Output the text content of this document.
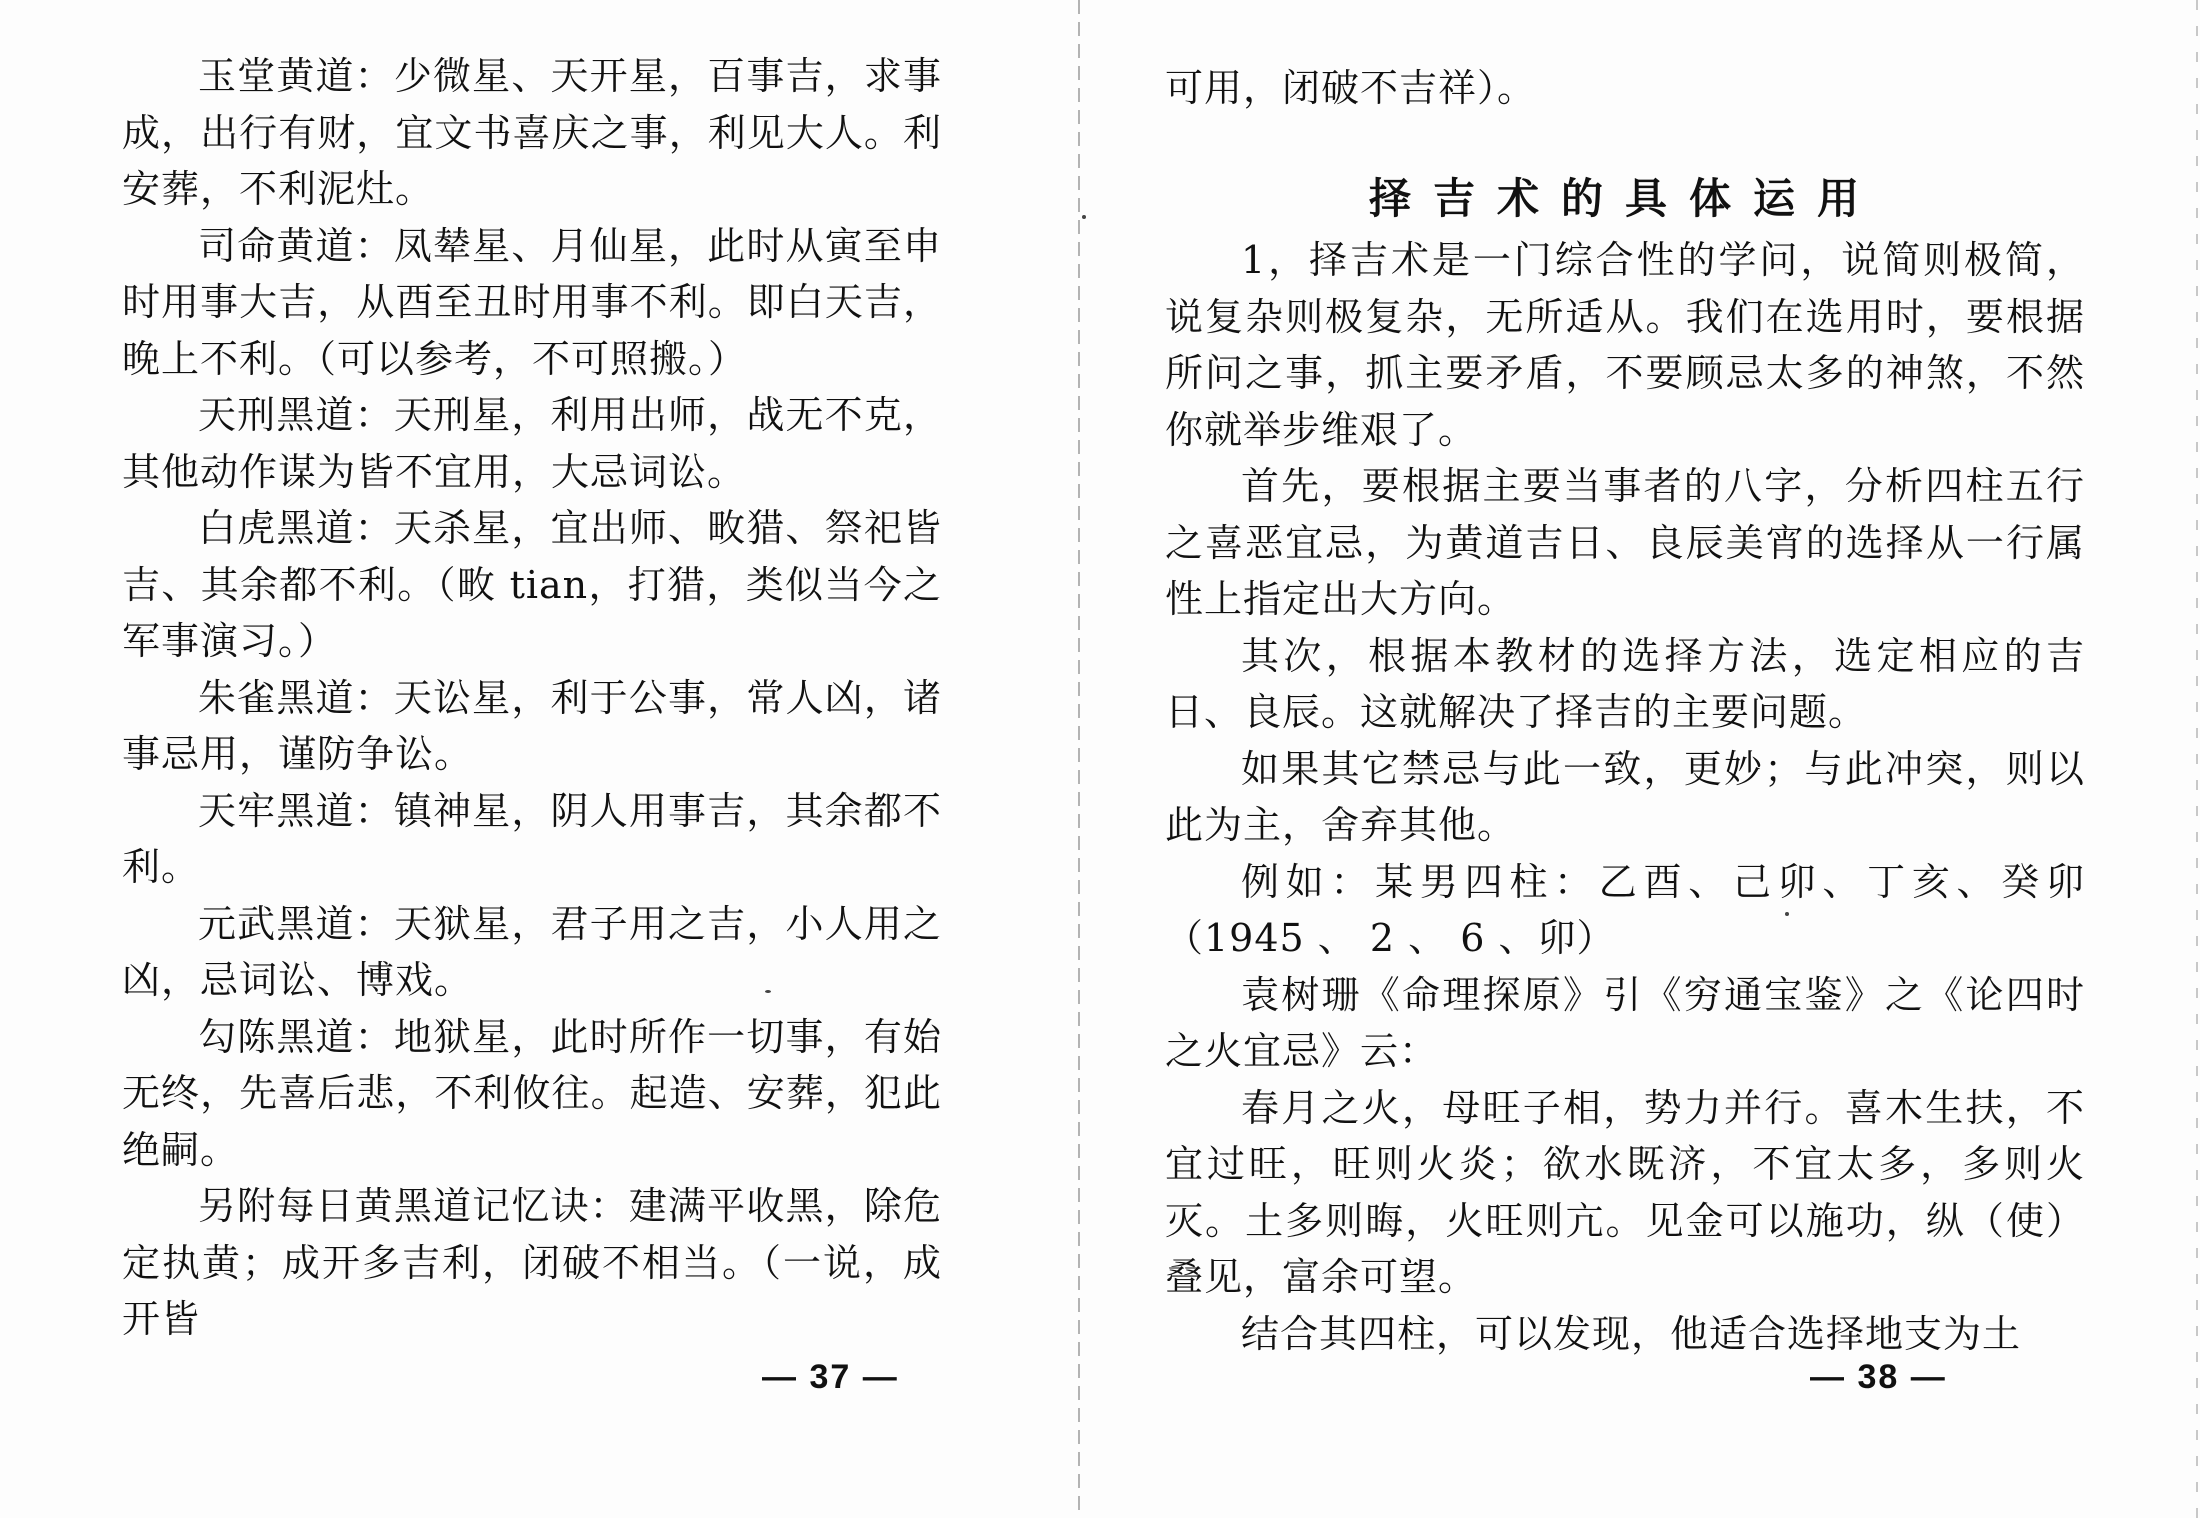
玉堂黄道：少微星、天开星，百事吉，求事成，出行有财，宜文书喜庆之事，利见大人。利安葬，不利泥灶。

司命黄道：凤辇星、月仙星，此时从寅至申时用事大吉，从酉至丑时用事不利。即白天吉，晚上不利。（可以参考，不可照搬。）

天刑黑道：天刑星，利用出师，战无不克，其他动作谋为皆不宜用，大忌词讼。

白虎黑道：天杀星，宜出师、畋猎、祭祀皆吉、其余都不利。（畋 tian，打猎，类似当今之军事演习。）

朱雀黑道：天讼星，利于公事，常人凶，诸事忌用，谨防争讼。

天牢黑道：镇神星，阴人用事吉，其余都不利。

元武黑道：天狱星，君子用之吉，小人用之凶，忌词讼、博戏。

勾陈黑道：地狱星，此时所作一切事，有始无终，先喜后悲，不利攸往。起造、安葬，犯此绝嗣。

另附每日黄黑道记忆诀：建满平收黑，除危定执黄；成开多吉利，闭破不相当。（一说，成开皆

— 37 —
可用，闭破不吉祥）。
择吉术的具体运用

1，择吉术是一门综合性的学问，说简则极简，说复杂则极复杂，无所适从。我们在选用时，要根据所问之事，抓主要矛盾，不要顾忌太多的神煞，不然你就举步维艰了。

首先，要根据主要当事者的八字，分析四柱五行之喜恶宜忌，为黄道吉日、良辰美宵的选择从一行属性上指定出大方向。

其次，根据本教材的选择方法，选定相应的吉日、良辰。这就解决了择吉的主要问题。

如果其它禁忌与此一致，更妙；与此冲突，则以此为主，舍弃其他。

例如：某男四柱：乙酉、己卯、丁亥、癸卯（1945 、 2 、 6 、卯）

袁树珊《命理探原》引《穷通宝鉴》之《论四时之火宜忌》云：

春月之火，母旺子相，势力并行。喜木生扶，不宜过旺，旺则火炎；欲水既济，不宜太多，多则火灭。土多则晦，火旺则亢。见金可以施功，纵（使）叠见，富余可望。

结合其四柱，可以发现，他适合选择地支为土

— 38 —
